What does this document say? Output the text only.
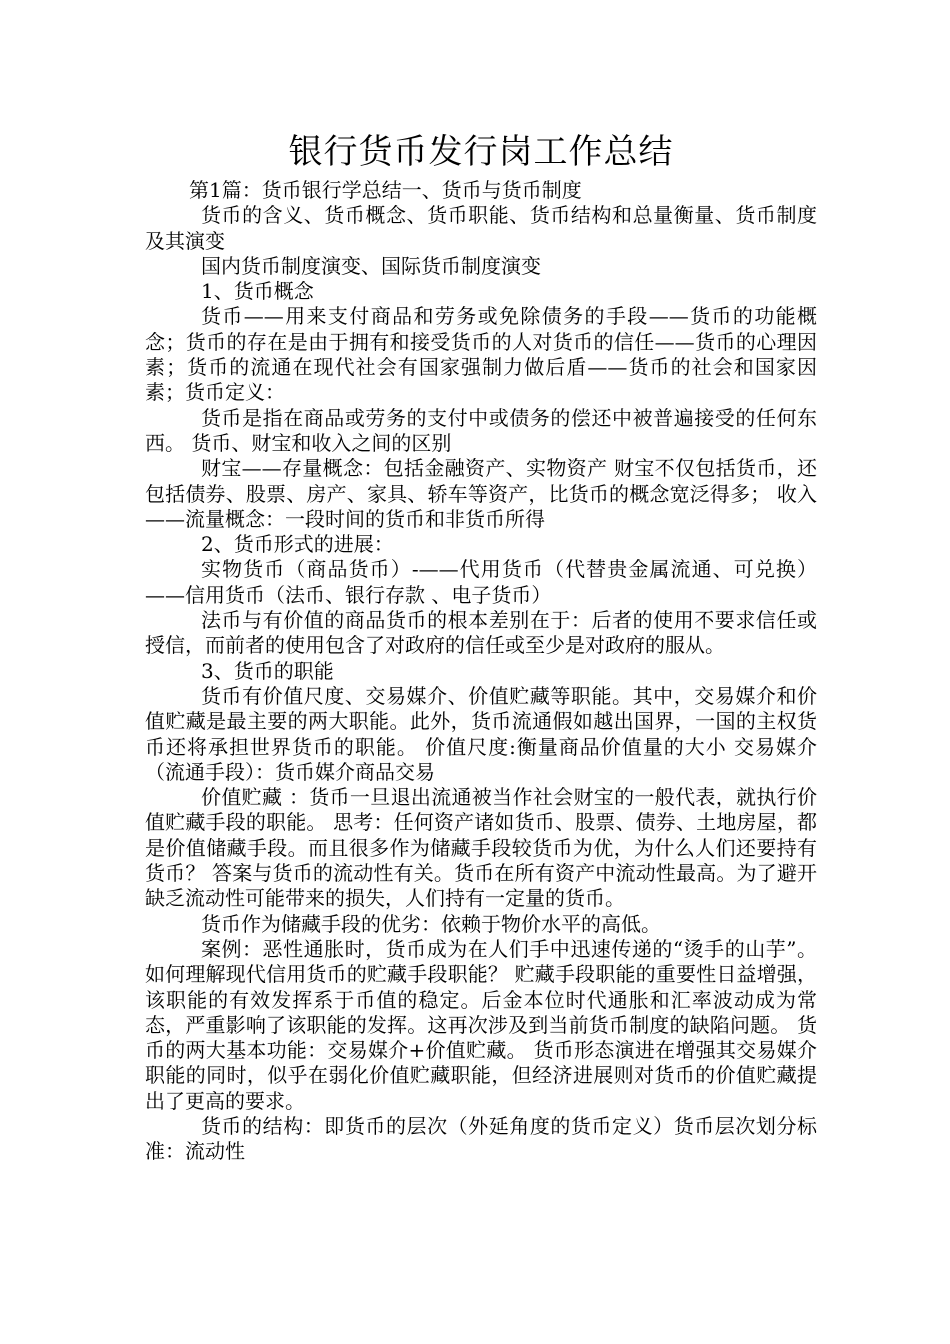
银行货币发行岗工作总结

第1篇：货币银行学总结一、货币与货币制度

货币的含义、货币概念、货币职能、货币结构和总量衡量、货币制度及其演变

国内货币制度演变、国际货币制度演变

1、货币概念

货币——用来支付商品和劳务或免除债务的手段——货币的功能概念；货币的存在是由于拥有和接受货币的人对货币的信任——货币的心理因素；货币的流通在现代社会有国家强制力做后盾——货币的社会和国家因素；货币定义：

货币是指在商品或劳务的支付中或债务的偿还中被普遍接受的任何东西。 货币、财宝和收入之间的区别

财宝——存量概念：包括金融资产、实物资产 财宝不仅包括货币，还包括债券、股票、房产、家具、轿车等资产，比货币的概念宽泛得多； 收入——流量概念：一段时间的货币和非货币所得

2、货币形式的进展：

实物货币（商品货币）-——代用货币（代替贵金属流通、可兑换）——信用货币（法币、银行存款 、电子货币）

法币与有价值的商品货币的根本差别在于：后者的使用不要求信任或授信，而前者的使用包含了对政府的信任或至少是对政府的服从。

3、货币的职能

货币有价值尺度、交易媒介、价值贮藏等职能。其中，交易媒介和价值贮藏是最主要的两大职能。此外，货币流通假如越出国界，一国的主权货币还将承担世界货币的职能。 价值尺度:衡量商品价值量的大小 交易媒介（流通手段）：货币媒介商品交易

价值贮藏 ：货币一旦退出流通被当作社会财宝的一般代表，就执行价值贮藏手段的职能。 思考：任何资产诸如货币、股票、债券、土地房屋，都是价值储藏手段。而且很多作为储藏手段较货币为优，为什么人们还要持有货币？ 答案与货币的流动性有关。货币在所有资产中流动性最高。为了避开缺乏流动性可能带来的损失，人们持有一定量的货币。

货币作为储藏手段的优劣：依赖于物价水平的高低。

案例：恶性通胀时，货币成为在人们手中迅速传递的“烫手的山芋”。 如何理解现代信用货币的贮藏手段职能？ 贮藏手段职能的重要性日益增强，该职能的有效发挥系于币值的稳定。后金本位时代通胀和汇率波动成为常态，严重影响了该职能的发挥。这再次涉及到当前货币制度的缺陷问题。 货币的两大基本功能：交易媒介+价值贮藏。 货币形态演进在增强其交易媒介职能的同时，似乎在弱化价值贮藏职能，但经济进展则对货币的价值贮藏提出了更高的要求。

货币的结构：即货币的层次（外延角度的货币定义）货币层次划分标准：流动性
